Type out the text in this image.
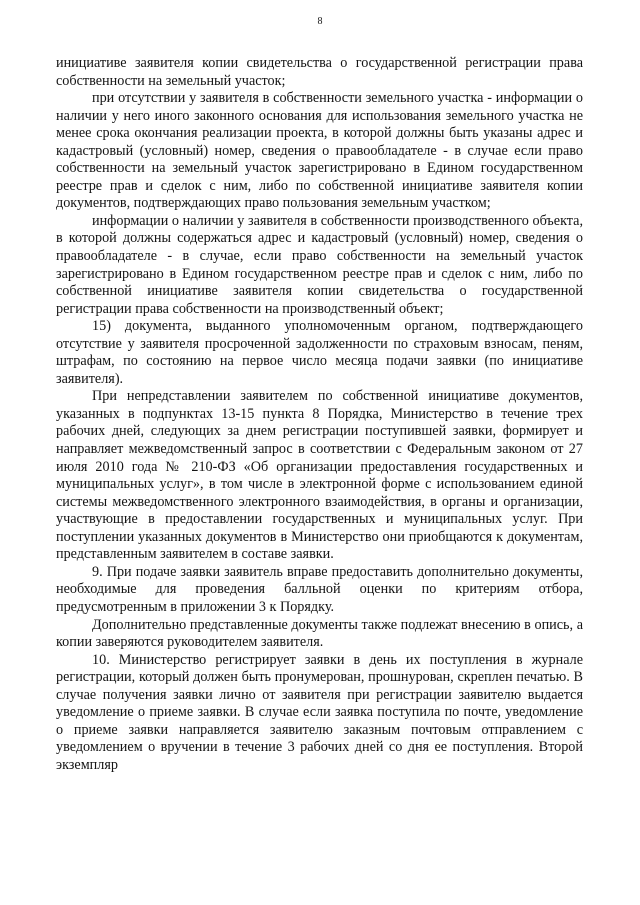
8

инициативе заявителя копии свидетельства о государственной регистрации права собственности на земельный участок;

при отсутствии у заявителя в собственности земельного участка - информации о наличии у него иного законного основания для использования земельного участка не менее срока окончания реализации проекта, в которой должны быть указаны адрес и кадастровый (условный) номер, сведения о правообладателе - в случае если право собственности на земельный участок зарегистрировано в Едином государственном реестре прав и сделок с ним, либо по собственной инициативе заявителя копии документов, подтверждающих право пользования земельным участком;

информации о наличии у заявителя в собственности производственного объекта, в которой должны содержаться адрес и кадастровый (условный) номер, сведения о правообладателе - в случае, если право собственности на земельный участок зарегистрировано в Едином государственном реестре прав и сделок с ним, либо по собственной инициативе заявителя копии свидетельства о государственной регистрации права собственности на производственный объект;

15) документа, выданного уполномоченным органом, подтверждающего отсутствие у заявителя просроченной задолженности по страховым взносам, пеням, штрафам, по состоянию на первое число месяца подачи заявки (по инициативе заявителя).

При непредставлении заявителем по собственной инициативе документов, указанных в подпунктах 13-15 пункта 8 Порядка, Министерство в течение трех рабочих дней, следующих за днем регистрации поступившей заявки, формирует и направляет межведомственный запрос в соответствии с Федеральным законом от 27 июля 2010 года № 210-ФЗ «Об организации предоставления государственных и муниципальных услуг», в том числе в электронной форме с использованием единой системы межведомственного электронного взаимодействия, в органы и организации, участвующие в предоставлении государственных и муниципальных услуг. При поступлении указанных документов в Министерство они приобщаются к документам, представленным заявителем в составе заявки.

9. При подаче заявки заявитель вправе предоставить дополнительно документы, необходимые для проведения балльной оценки по критериям отбора, предусмотренным в приложении 3 к Порядку.

Дополнительно представленные документы также подлежат внесению в опись, а копии заверяются руководителем заявителя.

10. Министерство регистрирует заявки в день их поступления в журнале регистрации, который должен быть пронумерован, прошнурован, скреплен печатью. В случае получения заявки лично от заявителя при регистрации заявителю выдается уведомление о приеме заявки. В случае если заявка поступила по почте, уведомление о приеме заявки направляется заявителю заказным почтовым отправлением с уведомлением о вручении в течение 3 рабочих дней со дня ее поступления. Второй экземпляр
